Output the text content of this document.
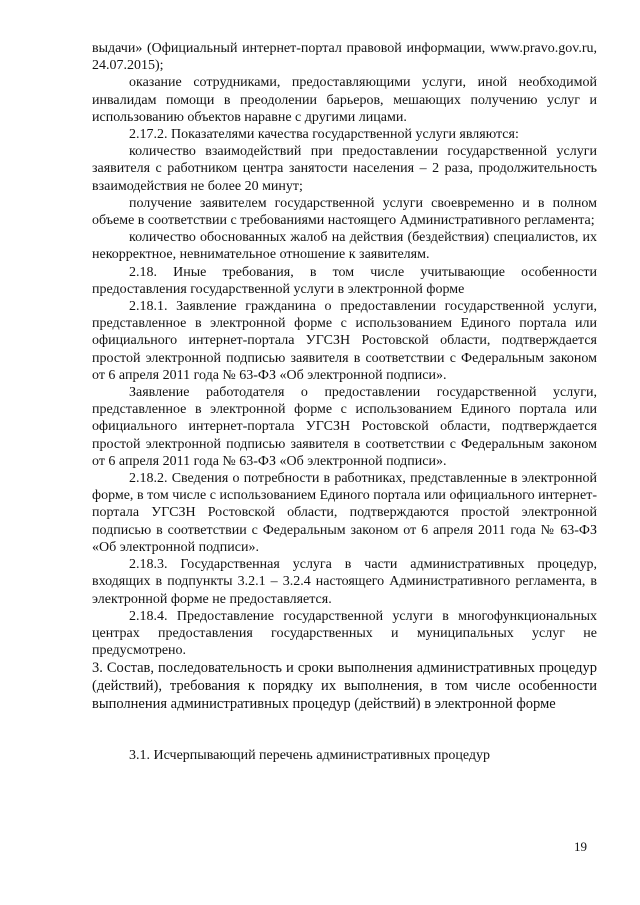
выдачи» (Официальный интернет-портал правовой информации, www.pravo.gov.ru, 24.07.2015);

оказание сотрудниками, предоставляющими услуги, иной необходимой инвалидам помощи в преодолении барьеров, мешающих получению услуг и использованию объектов наравне с другими лицами.

2.17.2. Показателями качества государственной услуги являются:

количество взаимодействий при предоставлении государственной услуги заявителя с работником центра занятости населения – 2 раза, продолжительность взаимодействия не более 20 минут;

получение заявителем государственной услуги своевременно и в полном объеме в соответствии с требованиями настоящего Административного регламента;

количество обоснованных жалоб на действия (бездействия) специалистов, их некорректное, невнимательное отношение к заявителям.

2.18. Иные требования, в том числе учитывающие особенности предоставления государственной услуги в электронной форме

2.18.1. Заявление гражданина о предоставлении государственной услуги, представленное в электронной форме с использованием Единого портала или официального интернет-портала УГСЗН Ростовской области, подтверждается простой электронной подписью заявителя в соответствии с Федеральным законом от 6 апреля 2011 года № 63-ФЗ «Об электронной подписи».

Заявление работодателя о предоставлении государственной услуги, представленное в электронной форме с использованием Единого портала или официального интернет-портала УГСЗН Ростовской области, подтверждается простой электронной подписью заявителя в соответствии с Федеральным законом от 6 апреля 2011 года № 63-ФЗ «Об электронной подписи».

2.18.2. Сведения о потребности в работниках, представленные в электронной форме, в том числе с использованием Единого портала или официального интернет-портала УГСЗН Ростовской области, подтверждаются простой электронной подписью в соответствии с Федеральным законом от 6 апреля 2011 года № 63-ФЗ «Об электронной подписи».

2.18.3. Государственная услуга в части административных процедур, входящих в подпункты 3.2.1 – 3.2.4 настоящего Административного регламента, в электронной форме не предоставляется.

2.18.4. Предоставление государственной услуги в многофункциональных центрах предоставления государственных и муниципальных услуг не предусмотрено.

3. Состав, последовательность и сроки выполнения административных процедур (действий), требования к порядку их выполнения, в том числе особенности выполнения административных процедур (действий) в электронной форме

3.1. Исчерпывающий перечень административных процедур

19
